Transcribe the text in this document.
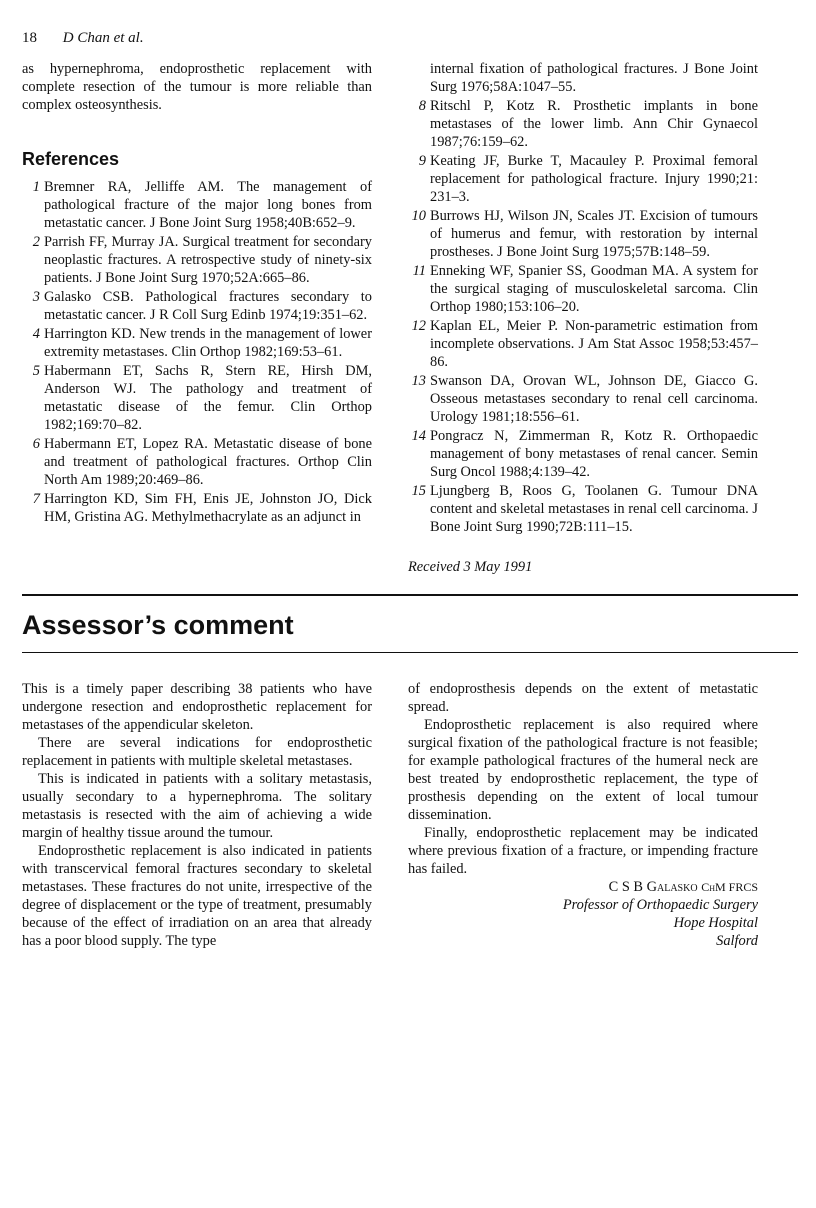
18 D Chan et al.

as hypernephroma, endoprosthetic replacement with complete resection of the tumour is more reliable than complex osteosynthesis.

References
1 Bremner RA, Jelliffe AM. The management of pathological fracture of the major long bones from metastatic cancer. J Bone Joint Surg 1958;40B:652–9.
2 Parrish FF, Murray JA. Surgical treatment for secondary neoplastic fractures. A retrospective study of ninety-six patients. J Bone Joint Surg 1970;52A:665–86.
3 Galasko CSB. Pathological fractures secondary to metastatic cancer. J R Coll Surg Edinb 1974;19:351–62.
4 Harrington KD. New trends in the management of lower extremity metastases. Clin Orthop 1982;169:53–61.
5 Habermann ET, Sachs R, Stern RE, Hirsh DM, Anderson WJ. The pathology and treatment of metastatic disease of the femur. Clin Orthop 1982;169:70–82.
6 Habermann ET, Lopez RA. Metastatic disease of bone and treatment of pathological fractures. Orthop Clin North Am 1989;20:469–86.
7 Harrington KD, Sim FH, Enis JE, Johnston JO, Dick HM, Gristina AG. Methylmethacrylate as an adjunct in
internal fixation of pathological fractures. J Bone Joint Surg 1976;58A:1047–55.
8 Ritschl P, Kotz R. Prosthetic implants in bone metastases of the lower limb. Ann Chir Gynaecol 1987;76:159–62.
9 Keating JF, Burke T, Macauley P. Proximal femoral replacement for pathological fracture. Injury 1990;21: 231–3.
10 Burrows HJ, Wilson JN, Scales JT. Excision of tumours of humerus and femur, with restoration by internal prostheses. J Bone Joint Surg 1975;57B:148–59.
11 Enneking WF, Spanier SS, Goodman MA. A system for the surgical staging of musculoskeletal sarcoma. Clin Orthop 1980;153:106–20.
12 Kaplan EL, Meier P. Non-parametric estimation from incomplete observations. J Am Stat Assoc 1958;53:457–86.
13 Swanson DA, Orovan WL, Johnson DE, Giacco G. Osseous metastases secondary to renal cell carcinoma. Urology 1981;18:556–61.
14 Pongracz N, Zimmerman R, Kotz R. Orthopaedic management of bony metastases of renal cancer. Semin Surg Oncol 1988;4:139–42.
15 Ljungberg B, Roos G, Toolanen G. Tumour DNA content and skeletal metastases in renal cell carcinoma. J Bone Joint Surg 1990;72B:111–15.
Received 3 May 1991
Assessor’s comment

This is a timely paper describing 38 patients who have undergone resection and endoprosthetic replacement for metastases of the appendicular skeleton.

There are several indications for endoprosthetic replacement in patients with multiple skeletal metastases.

This is indicated in patients with a solitary metastasis, usually secondary to a hypernephroma. The solitary metastasis is resected with the aim of achieving a wide margin of healthy tissue around the tumour.

Endoprosthetic replacement is also indicated in patients with transcervical femoral fractures secondary to skeletal metastases. These fractures do not unite, irrespective of the degree of displacement or the type of treatment, presumably because of the effect of irradiation on an area that already has a poor blood supply. The type

of endoprosthesis depends on the extent of metastatic spread.

Endoprosthetic replacement is also required where surgical fixation of the pathological fracture is not feasible; for example pathological fractures of the humeral neck are best treated by endoprosthetic replacement, the type of prosthesis depending on the extent of local tumour dissemination.

Finally, endoprosthetic replacement may be indicated where previous fixation of a fracture, or impending fracture has failed.

C S B Galasko ChM FRCS
Professor of Orthopaedic Surgery
Hope Hospital
Salford
